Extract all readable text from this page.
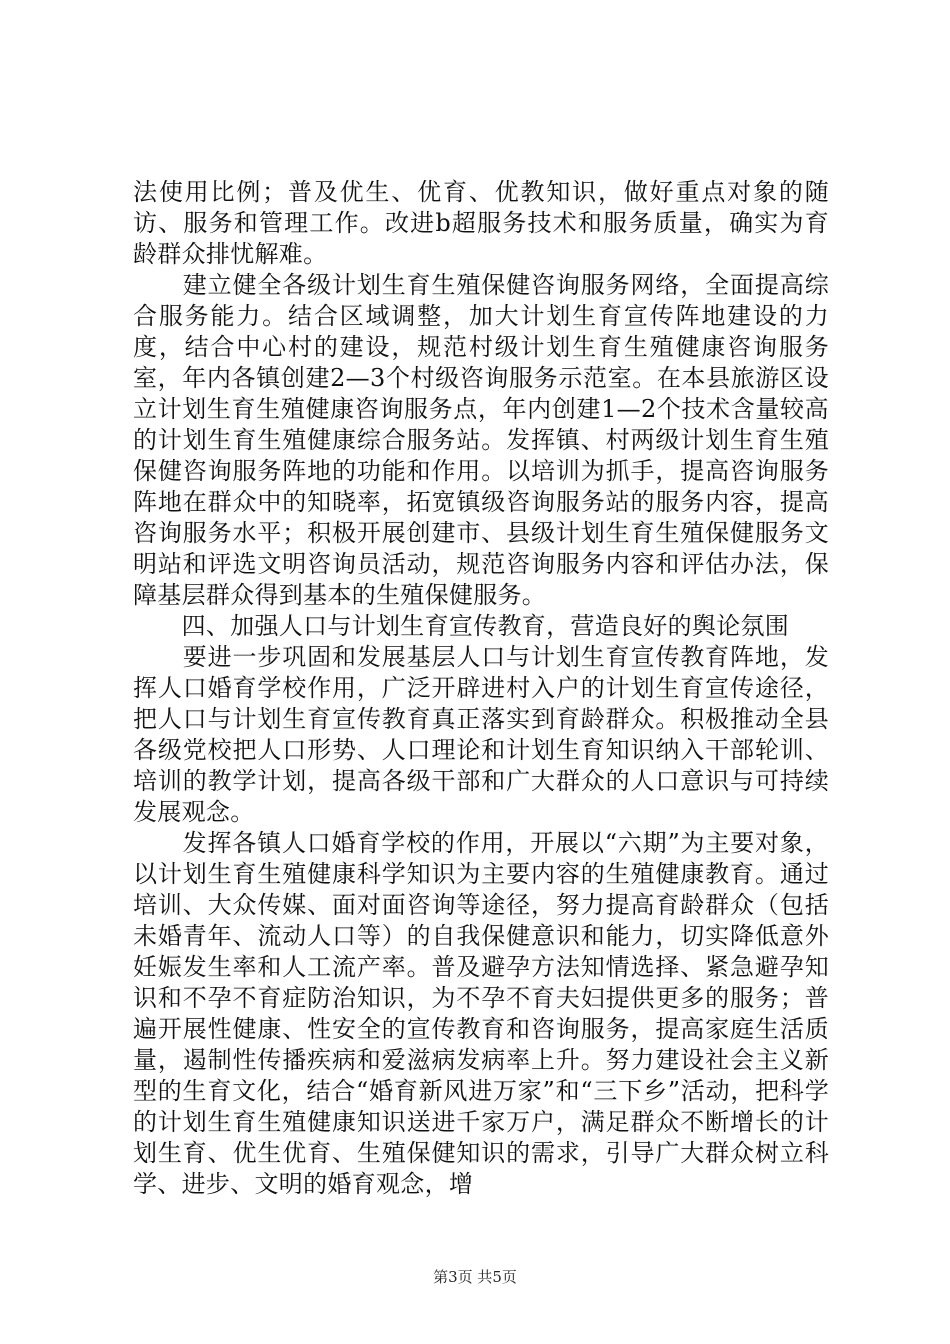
法使用比例；普及优生、优育、优教知识，做好重点对象的随访、服务和管理工作。改进b超服务技术和服务质量，确实为育龄群众排忧解难。

　　建立健全各级计划生育生殖保健咨询服务网络，全面提高综合服务能力。结合区域调整，加大计划生育宣传阵地建设的力度，结合中心村的建设，规范村级计划生育生殖健康咨询服务室，年内各镇创建2—3个村级咨询服务示范室。在本县旅游区设立计划生育生殖健康咨询服务点，年内创建1—2个技术含量较高的计划生育生殖健康综合服务站。发挥镇、村两级计划生育生殖保健咨询服务阵地的功能和作用。以培训为抓手，提高咨询服务阵地在群众中的知晓率，拓宽镇级咨询服务站的服务内容，提高咨询服务水平；积极开展创建市、县级计划生育生殖保健服务文明站和评选文明咨询员活动，规范咨询服务内容和评估办法，保障基层群众得到基本的生殖保健服务。

　　四、加强人口与计划生育宣传教育，营造良好的舆论氛围

　　要进一步巩固和发展基层人口与计划生育宣传教育阵地，发挥人口婚育学校作用，广泛开辟进村入户的计划生育宣传途径，把人口与计划生育宣传教育真正落实到育龄群众。积极推动全县各级党校把人口形势、人口理论和计划生育知识纳入干部轮训、培训的教学计划，提高各级干部和广大群众的人口意识与可持续发展观念。

　　发挥各镇人口婚育学校的作用，开展以“六期”为主要对象，以计划生育生殖健康科学知识为主要内容的生殖健康教育。通过培训、大众传媒、面对面咨询等途径，努力提高育龄群众（包括未婚青年、流动人口等）的自我保健意识和能力，切实降低意外妊娠发生率和人工流产率。普及避孕方法知情选择、紧急避孕知识和不孕不育症防治知识，为不孕不育夫妇提供更多的服务；普遍开展性健康、性安全的宣传教育和咨询服务，提高家庭生活质量，遏制性传播疾病和爱滋病发病率上升。努力建设社会主义新型的生育文化，结合“婚育新风进万家”和“三下乡”活动，把科学的计划生育生殖健康知识送进千家万户，满足群众不断增长的计划生育、优生优育、生殖保健知识的需求，引导广大群众树立科学、进步、文明的婚育观念，增

第3页 共5页
